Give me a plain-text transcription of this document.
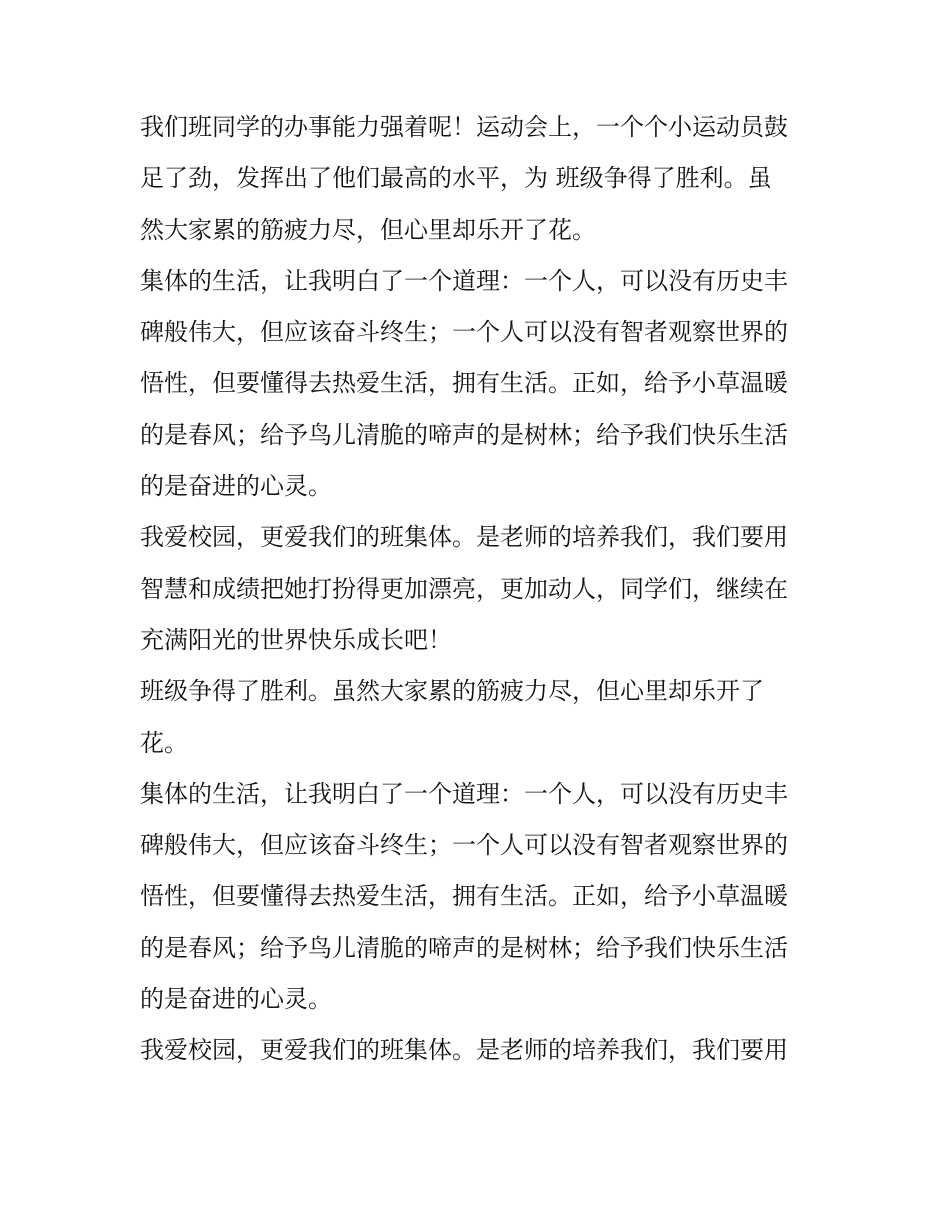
我们班同学的办事能力强着呢！运动会上，一个个小运动员鼓
足了劲，发挥出了他们最高的水平，为 班级争得了胜利。虽
然大家累的筋疲力尽，但心里却乐开了花。
集体的生活，让我明白了一个道理：一个人，可以没有历史丰
碑般伟大，但应该奋斗终生；一个人可以没有智者观察世界的
悟性，但要懂得去热爱生活，拥有生活。正如，给予小草温暖
的是春风；给予鸟儿清脆的啼声的是树林；给予我们快乐生活
的是奋进的心灵。
我爱校园，更爱我们的班集体。是老师的培养我们，我们要用
智慧和成绩把她打扮得更加漂亮，更加动人，同学们，继续在
充满阳光的世界快乐成长吧！
班级争得了胜利。虽然大家累的筋疲力尽，但心里却乐开了
花。
集体的生活，让我明白了一个道理：一个人，可以没有历史丰
碑般伟大，但应该奋斗终生；一个人可以没有智者观察世界的
悟性，但要懂得去热爱生活，拥有生活。正如，给予小草温暖
的是春风；给予鸟儿清脆的啼声的是树林；给予我们快乐生活
的是奋进的心灵。
我爱校园，更爱我们的班集体。是老师的培养我们，我们要用
